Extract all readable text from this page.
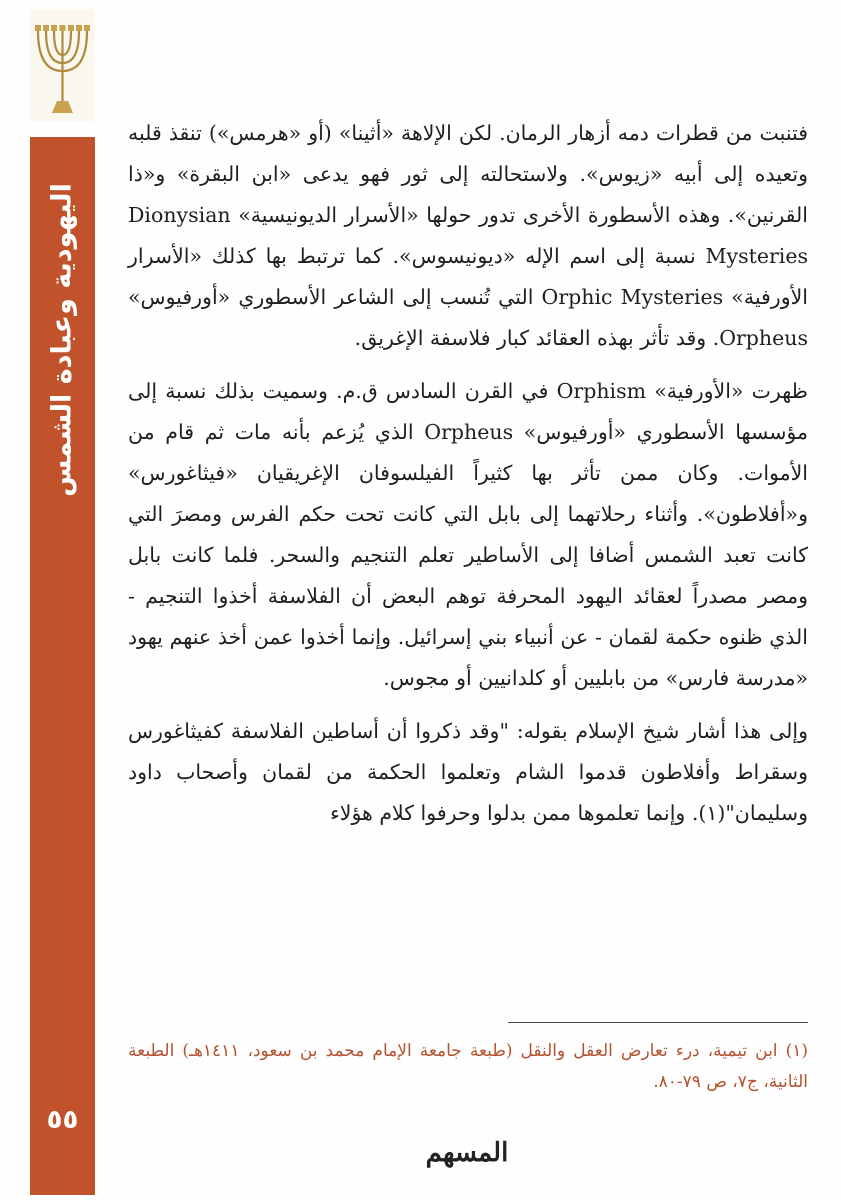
اليهودية وعبادة الشمس
٥٥

فتنبت من قطرات دمه أزهار الرمان. لكن الإلاهة «أثينا» (أو «هرمس») تنقذ قلبه وتعيده إلى أبيه «زيوس». ولاستحالته إلى ثور فهو يدعى «ابن البقرة» و«ذا القرنين». وهذه الأسطورة الأخرى تدور حولها «الأسرار الديونيسية» Dionysian Mysteries نسبة إلى اسم الإله «ديونيسوس». كما ترتبط بها كذلك «الأسرار الأورفية» Orphic Mysteries التي تُنسب إلى الشاعر الأسطوري «أورفيوس» Orpheus. وقد تأثر بهذه العقائد كبار فلاسفة الإغريق.

ظهرت «الأورفية» Orphism في القرن السادس ق.م. وسميت بذلك نسبة إلى مؤسسها الأسطوري «أورفيوس» Orpheus الذي يُزعم بأنه مات ثم قام من الأموات. وكان ممن تأثر بها كثيراً الفيلسوفان الإغريقيان «فيثاغورس» و«أفلاطون». وأثناء رحلاتهما إلى بابل التي كانت تحت حكم الفرس ومصرَ التي كانت تعبد الشمس أضافا إلى الأساطير تعلم التنجيم والسحر. فلما كانت بابل ومصر مصدراً لعقائد اليهود المحرفة توهم البعض أن الفلاسفة أخذوا التنجيم - الذي ظنوه حكمة لقمان - عن أنبياء بني إسرائيل. وإنما أخذوا عمن أخذ عنهم يهود «مدرسة فارس» من بابليين أو كلدانيين أو مجوس.

وإلى هذا أشار شيخ الإسلام بقوله: "وقد ذكروا أن أساطين الفلاسفة كفيثاغورس وسقراط وأفلاطون قدموا الشام وتعلموا الحكمة من لقمان وأصحاب داود وسليمان"(١). وإنما تعلموها ممن بدلوا وحرفوا كلام هؤلاء

(١) ابن تيمية، درء تعارض العقل والنقل (طبعة جامعة الإمام محمد بن سعود، ١٤١١هـ) الطبعة الثانية، ج٧، ص ٧٩-٨٠.
المسهم
